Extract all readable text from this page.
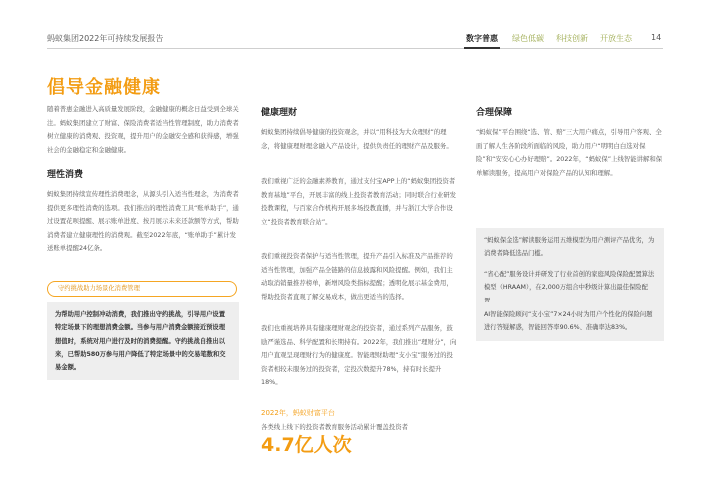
蚂蚁集团2022年可持续发展报告	数字普惠 绿色低碳 科技创新 开放生态 14
倡导金融健康
随着普惠金融进入高质量发展阶段，金融健康的概念日益受到全球关注。蚂蚁集团建立了财富、保险消费者适当性管理制度，助力消费者树立健康的消费观、投资观，提升用户的金融安全感和获得感，增强社会的金融稳定和金融健康。
理性消费
蚂蚁集团持续宣传理性消费理念，从源头引入适当性理念，为消费者提供更多理性消费的选项。我们推出的理性消费工具“账单助手”，通过设置花呗提醒、展示账单进度、按月展示未来还款额等方式，帮助消费者建立健康理性的消费观。截至2022年底，“账单助手”累计发送账单提醒24亿条。
守约挑战助力场景化消费管理
为帮助用户控制冲动消费，我们推出守约挑战，引导用户设置特定场景下的理想消费金额。当参与用户消费金额接近预设理想值时，系统对用户进行及时的消费提醒。守约挑战自推出以来，已帮助580万参与用户降低了特定场景中的交易笔数和交易金额。
健康理财
蚂蚁集团持续倡导健康的投资观念，并以“用科技为大众理财”的理念，将健康理财理念融入产品设计，提供负责任的理财产品及服务。
我们重视广泛的金融素养教育，通过支付宝APP上的“蚂蚁集团投资者教育基地”平台，开展丰富的线上投资者教育活动；同时联合行业研发投教课程，与百家合作机构开展多场投教直播，并与浙江大学合作设立“投资者教育联合站”。
我们重视投资者保护与适当性管理，提升产品引入标准及产品推荐的适当性管理，加强产品全链路的信息披露和风险提醒。例如，我们主动取消销量推荐榜单，新增风险类指标提醒；透明化展示基金费用，帮助投资者直观了解交易成本，做出更适当的选择。
我们也重视培养具有健康理财观念的投资者，通过系列产品服务，鼓励严谨选品、科学配置和长期持有。2022年，我们推出“理财分”，向用户直观呈现理财行为的健康度。智能理财助理“支小宝”服务过的投资者相较未服务过的投资者，定投次数提升78%，持有时长提升18%。
2022年，蚂蚁财富平台
各类线上线下的投资者教育服务活动累计覆盖投资者
4.7亿人次
合理保障
“蚂蚁保”平台围绕“选、管、赔”三大用户痛点，引导用户客观、全面了解人生各阶段所面临的风险，助力用户“明明白白选对保险”和“安安心心办好理赔”。2022年，“蚂蚁保”上线智能讲解和保单解读服务，提高用户对保险产品的认知和理解。
“蚂蚁保金选”解读服务运用五维模型为用户测评产品优劣，为消费者降低选品门槛。
“省心配”服务设计并研发了行业首创的家庭风险保险配置算法模型（HRAAM），在2,000万组合中秒级计算出最佳保险配
AI智能保险顾问“支小宝”7×24小时为用户个性化的保险问题进行答疑解惑，智能回答率90.6%、准确率达83%。
